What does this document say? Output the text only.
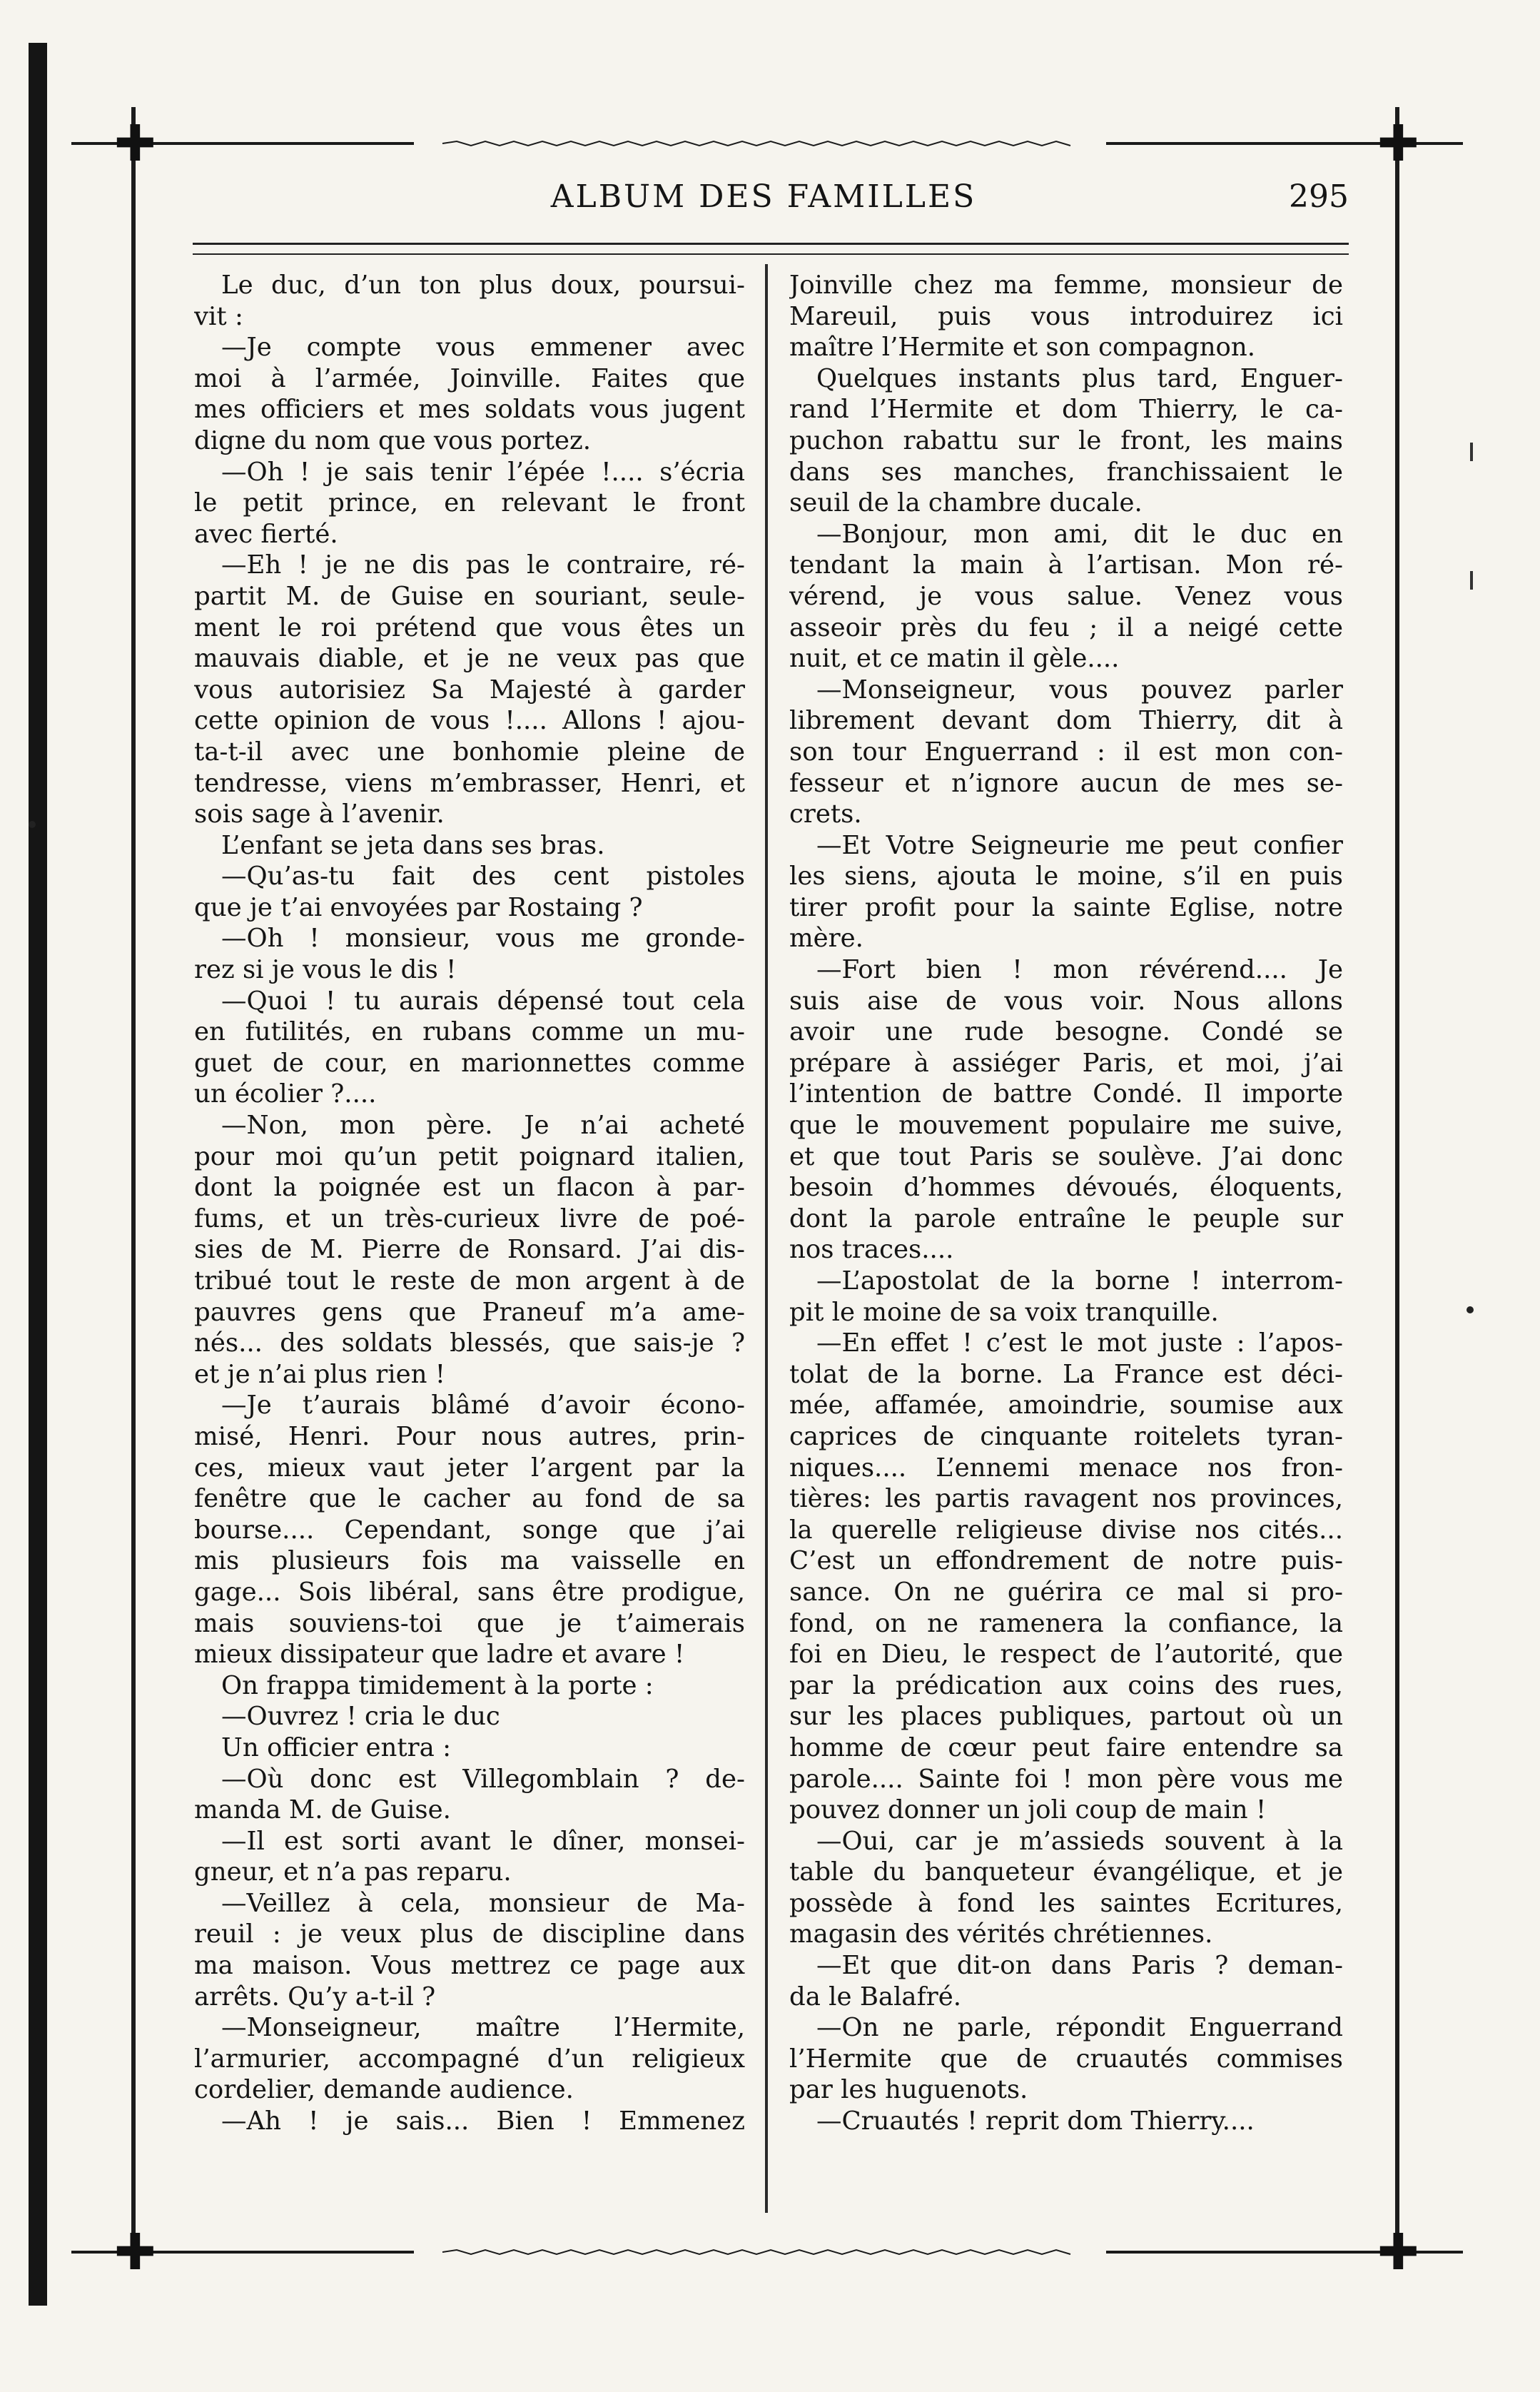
✚	✚
✚	✚
ALBUM DES FAMILLES	295
Le duc, d’un ton plus doux, poursui-
vit :
—Je compte vous emmener avec
moi à l’armée, Joinville. Faites que
mes officiers et mes soldats vous jugent
digne du nom que vous portez.
—Oh ! je sais tenir l’épée !.... s’écria
le petit prince, en relevant le front
avec fierté.
—Eh ! je ne dis pas le contraire, ré-
partit M. de Guise en souriant, seule-
ment le roi prétend que vous êtes un
mauvais diable, et je ne veux pas que
vous autorisiez Sa Majesté à garder
cette opinion de vous !.... Allons ! ajou-
ta-t-il avec une bonhomie pleine de
tendresse, viens m’embrasser, Henri, et
sois sage à l’avenir.
L’enfant se jeta dans ses bras.
—Qu’as-tu fait des cent pistoles
que je t’ai envoyées par Rostaing ?
—Oh ! monsieur, vous me gronde-
rez si je vous le dis !
—Quoi ! tu aurais dépensé tout cela
en futilités, en rubans comme un mu-
guet de cour, en marionnettes comme
un écolier ?....
—Non, mon père. Je n’ai acheté
pour moi qu’un petit poignard italien,
dont la poignée est un flacon à par-
fums, et un très-curieux livre de poé-
sies de M. Pierre de Ronsard. J’ai dis-
tribué tout le reste de mon argent à de
pauvres gens que Praneuf m’a ame-
nés... des soldats blessés, que sais-je ?
et je n’ai plus rien !
—Je t’aurais blâmé d’avoir écono-
misé, Henri. Pour nous autres, prin-
ces, mieux vaut jeter l’argent par la
fenêtre que le cacher au fond de sa
bourse.... Cependant, songe que j’ai
mis plusieurs fois ma vaisselle en
gage... Sois libéral, sans être prodigue,
mais souviens-toi que je t’aimerais
mieux dissipateur que ladre et avare !
On frappa timidement à la porte :
—Ouvrez ! cria le duc
Un officier entra :
—Où donc est Villegomblain ? de-
manda M. de Guise.
—Il est sorti avant le dîner, monsei-
gneur, et n’a pas reparu.
—Veillez à cela, monsieur de Ma-
reuil : je veux plus de discipline dans
ma maison. Vous mettrez ce page aux
arrêts. Qu’y a-t-il ?
—Monseigneur, maître l’Hermite,
l’armurier, accompagné d’un religieux
cordelier, demande audience.
—Ah ! je sais... Bien ! Emmenez
Joinville chez ma femme, monsieur de
Mareuil, puis vous introduirez ici
maître l’Hermite et son compagnon.
Quelques instants plus tard, Enguer-
rand l’Hermite et dom Thierry, le ca-
puchon rabattu sur le front, les mains
dans ses manches, franchissaient le
seuil de la chambre ducale.
—Bonjour, mon ami, dit le duc en
tendant la main à l’artisan. Mon ré-
vérend, je vous salue. Venez vous
asseoir près du feu ; il a neigé cette
nuit, et ce matin il gèle....
—Monseigneur, vous pouvez parler
librement devant dom Thierry, dit à
son tour Enguerrand : il est mon con-
fesseur et n’ignore aucun de mes se-
crets.
—Et Votre Seigneurie me peut confier
les siens, ajouta le moine, s’il en puis
tirer profit pour la sainte Eglise, notre
mère.
—Fort bien ! mon révérend.... Je
suis aise de vous voir. Nous allons
avoir une rude besogne. Condé se
prépare à assiéger Paris, et moi, j’ai
l’intention de battre Condé. Il importe
que le mouvement populaire me suive,
et que tout Paris se soulève. J’ai donc
besoin d’hommes dévoués, éloquents,
dont la parole entraîne le peuple sur
nos traces....
—L’apostolat de la borne ! interrom-
pit le moine de sa voix tranquille.
—En effet ! c’est le mot juste : l’apos-
tolat de la borne. La France est déci-
mée, affamée, amoindrie, soumise aux
caprices de cinquante roitelets tyran-
niques.... L’ennemi menace nos fron-
tières: les partis ravagent nos provinces,
la querelle religieuse divise nos cités...
C’est un effondrement de notre puis-
sance. On ne guérira ce mal si pro-
fond, on ne ramenera la confiance, la
foi en Dieu, le respect de l’autorité, que
par la prédication aux coins des rues,
sur les places publiques, partout où un
homme de cœur peut faire entendre sa
parole.... Sainte foi ! mon père vous me
pouvez donner un joli coup de main !
—Oui, car je m’assieds souvent à la
table du banqueteur évangélique, et je
possède à fond les saintes Ecritures,
magasin des vérités chrétiennes.
—Et que dit-on dans Paris ? deman-
da le Balafré.
—On ne parle, répondit Enguerrand
l’Hermite que de cruautés commises
par les huguenots.
—Cruautés ! reprit dom Thierry....
